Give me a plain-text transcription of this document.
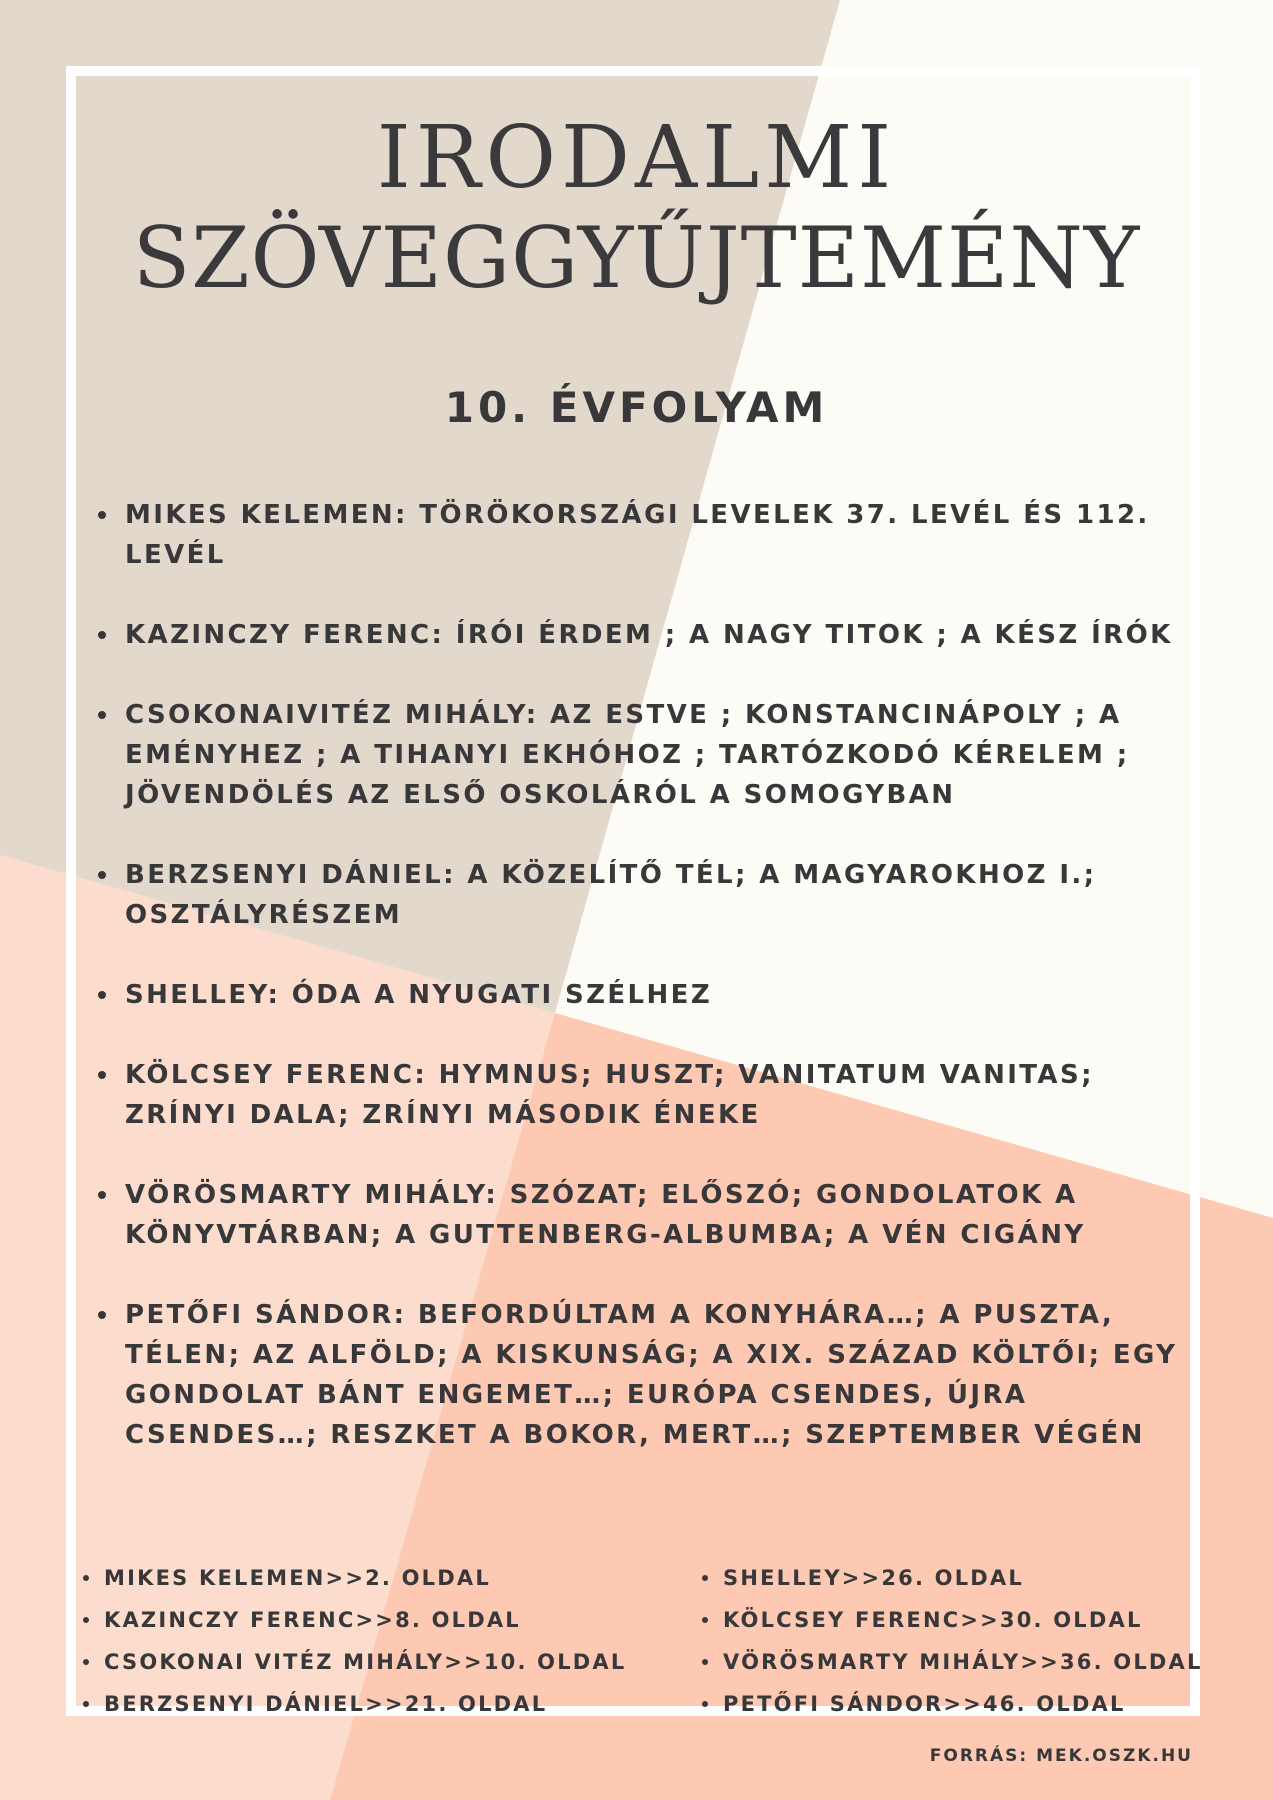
IRODALMI
SZÖVEGGYŰJTEMÉNY
10. ÉVFOLYAM
MIKES KELEMEN: TÖRÖKORSZÁGI LEVELEK 37. LEVÉL ÉS 112. LEVÉL
KAZINCZY FERENC: ÍRÓI ÉRDEM ; A NAGY TITOK ; A KÉSZ ÍRÓK
CSOKONAIVITÉZ MIHÁLY: AZ ESTVE ; KONSTANCINÁPOLY ; A EMÉNYHEZ ; A TIHANYI EKHÓHOZ ; TARTÓZKODÓ KÉRELEM ; JÖVENDÖLÉS AZ ELSŐ OSKOLÁRÓL A SOMOGYBAN
BERZSENYI DÁNIEL: A KÖZELÍTŐ TÉL; A MAGYAROKHOZ I.; OSZTÁLYRÉSZEM
SHELLEY: ÓDA A NYUGATI SZÉLHEZ
KÖLCSEY FERENC: HYMNUS; HUSZT; VANITATUM VANITAS; ZRÍNYI DALA; ZRÍNYI MÁSODIK ÉNEKE
VÖRÖSMARTY MIHÁLY: SZÓZAT; ELŐSZÓ; GONDOLATOK A KÖNYVTÁRBAN; A GUTTENBERG-ALBUMBA; A VÉN CIGÁNY
PETŐFI SÁNDOR: BEFORDÚLTAM A KONYHÁRA…; A PUSZTA, TÉLEN; AZ ALFÖLD; A KISKUNSÁG; A XIX. SZÁZAD KÖLTŐI; EGY GONDOLAT BÁNT ENGEMET…; EURÓPA CSENDES, ÚJRA CSENDES…; RESZKET A BOKOR, MERT…; SZEPTEMBER VÉGÉN
MIKES KELEMEN>>2. OLDAL
KAZINCZY FERENC>>8. OLDAL
CSOKONAI VITÉZ MIHÁLY>>10. OLDAL
BERZSENYI DÁNIEL>>21. OLDAL
SHELLEY>>26. OLDAL
KÖLCSEY FERENC>>30. OLDAL
VÖRÖSMARTY MIHÁLY>>36. OLDAL
PETŐFI SÁNDOR>>46. OLDAL
FORRÁS: MEK.OSZK.HU
